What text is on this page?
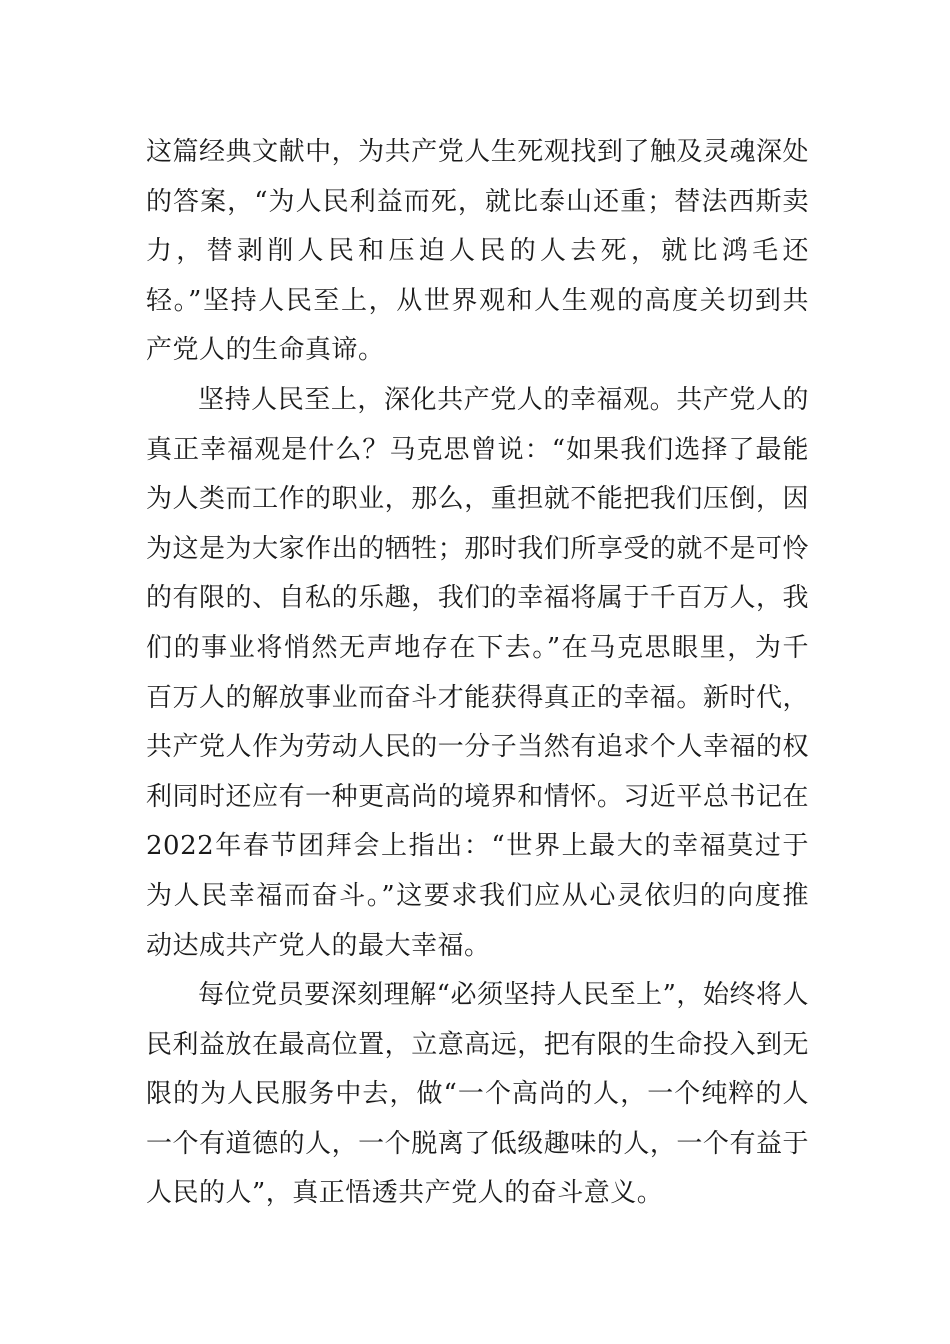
这篇经典文献中，为共产党人生死观找到了触及灵魂深处的答案，“为人民利益而死，就比泰山还重；替法西斯卖力，替剥削人民和压迫人民的人去死，就比鸿毛还轻。”坚持人民至上，从世界观和人生观的高度关切到共产党人的生命真谛。

坚持人民至上，深化共产党人的幸福观。共产党人的真正幸福观是什么？马克思曾说：“如果我们选择了最能为人类而工作的职业，那么，重担就不能把我们压倒，因为这是为大家作出的牺牲；那时我们所享受的就不是可怜的有限的、自私的乐趣，我们的幸福将属于千百万人，我们的事业将悄然无声地存在下去。”在马克思眼里，为千百万人的解放事业而奋斗才能获得真正的幸福。新时代，共产党人作为劳动人民的一分子当然有追求个人幸福的权利同时还应有一种更高尚的境界和情怀。习近平总书记在2022年春节团拜会上指出：“世界上最大的幸福莫过于为人民幸福而奋斗。”这要求我们应从心灵依归的向度推动达成共产党人的最大幸福。

每位党员要深刻理解“必须坚持人民至上”，始终将人民利益放在最高位置，立意高远，把有限的生命投入到无限的为人民服务中去，做“一个高尚的人，一个纯粹的人一个有道德的人，一个脱离了低级趣味的人，一个有益于人民的人”，真正悟透共产党人的奋斗意义。
